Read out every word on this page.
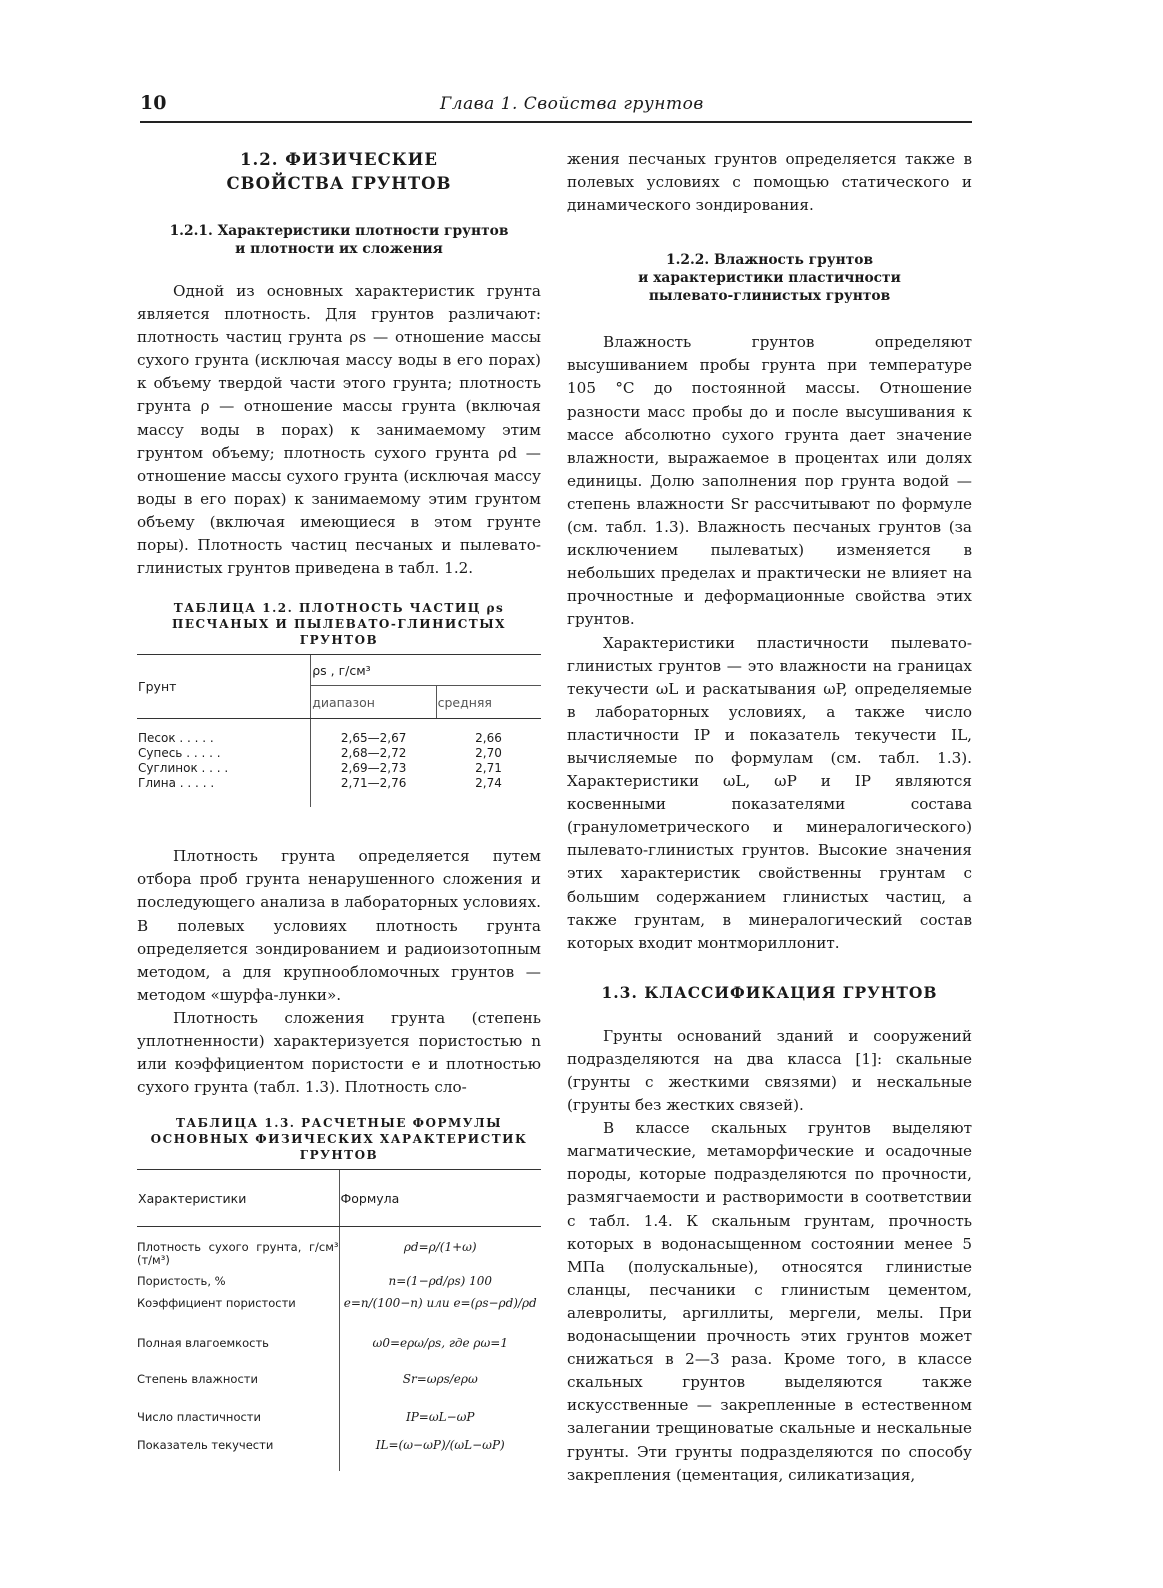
10	Глава 1. Свойства грунтов
1.2. ФИЗИЧЕСКИЕ
СВОЙСТВА ГРУНТОВ
1.2.1. Характеристики плотности грунтов
и плотности их сложения

Одной из основных характеристик грунта является плотность. Для грунтов различают: плотность частиц грунта ρs — отношение массы сухого грунта (исключая массу воды в его порах) к объему твердой части этого грунта; плотность грунта ρ — отношение массы грунта (включая массу воды в порах) к занимаемому этим грунтом объему; плотность сухого грунта ρd — отношение массы сухого грунта (исключая массу воды в его порах) к занимаемому этим грунтом объему (включая имеющиеся в этом грунте поры). Плотность частиц песчаных и пылевато-глинистых грунтов приведена в табл. 1.2.

ТАБЛИЦА 1.2. ПЛОТНОСТЬ ЧАСТИЦ ρs
ПЕСЧАНЫХ И ПЫЛЕВАТО-ГЛИНИСТЫХ ГРУНТОВ
Грунт	ρs , г/см³	
	диапазон	средняя

Песок . . . . .	2,65—2,67	2,66
Супесь . . . . .	2,68—2,72	2,70
Суглинок . . . .	2,69—2,73	2,71
Глина . . . . .	2,71—2,76	2,74

Плотность грунта определяется путем отбора проб грунта ненарушенного сложения и последующего анализа в лабораторных условиях. В полевых условиях плотность грунта определяется зондированием и радиоизотопным методом, а для крупнообломочных грунтов — методом «шурфа-лунки».

Плотность сложения грунта (степень уплотненности) характеризуется пористостью n или коэффициентом пористости e и плотностью сухого грунта (табл. 1.3). Плотность сло-

ТАБЛИЦА 1.3. РАСЧЕТНЫЕ ФОРМУЛЫ
ОСНОВНЫХ ФИЗИЧЕСКИХ ХАРАКТЕРИСТИК
ГРУНТОВ
Характеристики	Формула

Плотность сухого грунта, г/см³ (т/м³)	ρd=ρ/(1+ω)
Пористость, %	n=(1−ρd/ρs) 100
Коэффициент пористости	e=n/(100−n) или e=(ρs−ρd)/ρd
Полная влагоемкость	ω0=eρω/ρs, где ρω=1
Степень влажности	Sr=ωρs/eρω
Число пластичности	IP=ωL−ωP
Показатель текучести	IL=(ω−ωP)/(ωL−ωP)

жения песчаных грунтов определяется также в полевых условиях с помощью статического и динамического зондирования.

1.2.2. Влажность грунтов
и характеристики пластичности
пылевато-глинистых грунтов

Влажность грунтов определяют высушиванием пробы грунта при температуре 105 °С до постоянной массы. Отношение разности масс пробы до и после высушивания к массе абсолютно сухого грунта дает значение влажности, выражаемое в процентах или долях единицы. Долю заполнения пор грунта водой — степень влажности Sr рассчитывают по формуле (см. табл. 1.3). Влажность песчаных грунтов (за исключением пылеватых) изменяется в небольших пределах и практически не влияет на прочностные и деформационные свойства этих грунтов.

Характеристики пластичности пылевато-глинистых грунтов — это влажности на границах текучести ωL и раскатывания ωP, определяемые в лабораторных условиях, а также число пластичности IP и показатель текучести IL, вычисляемые по формулам (см. табл. 1.3). Характеристики ωL, ωP и IP являются косвенными показателями состава (гранулометрического и минералогического) пылевато-глинистых грунтов. Высокие значения этих характеристик свойственны грунтам с большим содержанием глинистых частиц, а также грунтам, в минералогический состав которых входит монтмориллонит.

1.3. КЛАССИФИКАЦИЯ ГРУНТОВ

Грунты оснований зданий и сооружений подразделяются на два класса [1]: скальные (грунты с жесткими связями) и нескальные (грунты без жестких связей).

В классе скальных грунтов выделяют магматические, метаморфические и осадочные породы, которые подразделяются по прочности, размягчаемости и растворимости в соответствии с табл. 1.4. К скальным грунтам, прочность которых в водонасыщенном состоянии менее 5 МПа (полускальные), относятся глинистые сланцы, песчаники с глинистым цементом, алевролиты, аргиллиты, мергели, мелы. При водонасыщении прочность этих грунтов может снижаться в 2—3 раза. Кроме того, в классе скальных грунтов выделяются также искусственные — закрепленные в естественном залегании трещиноватые скальные и нескальные грунты. Эти грунты подразделяются по способу закрепления (цементация, силикатизация,
